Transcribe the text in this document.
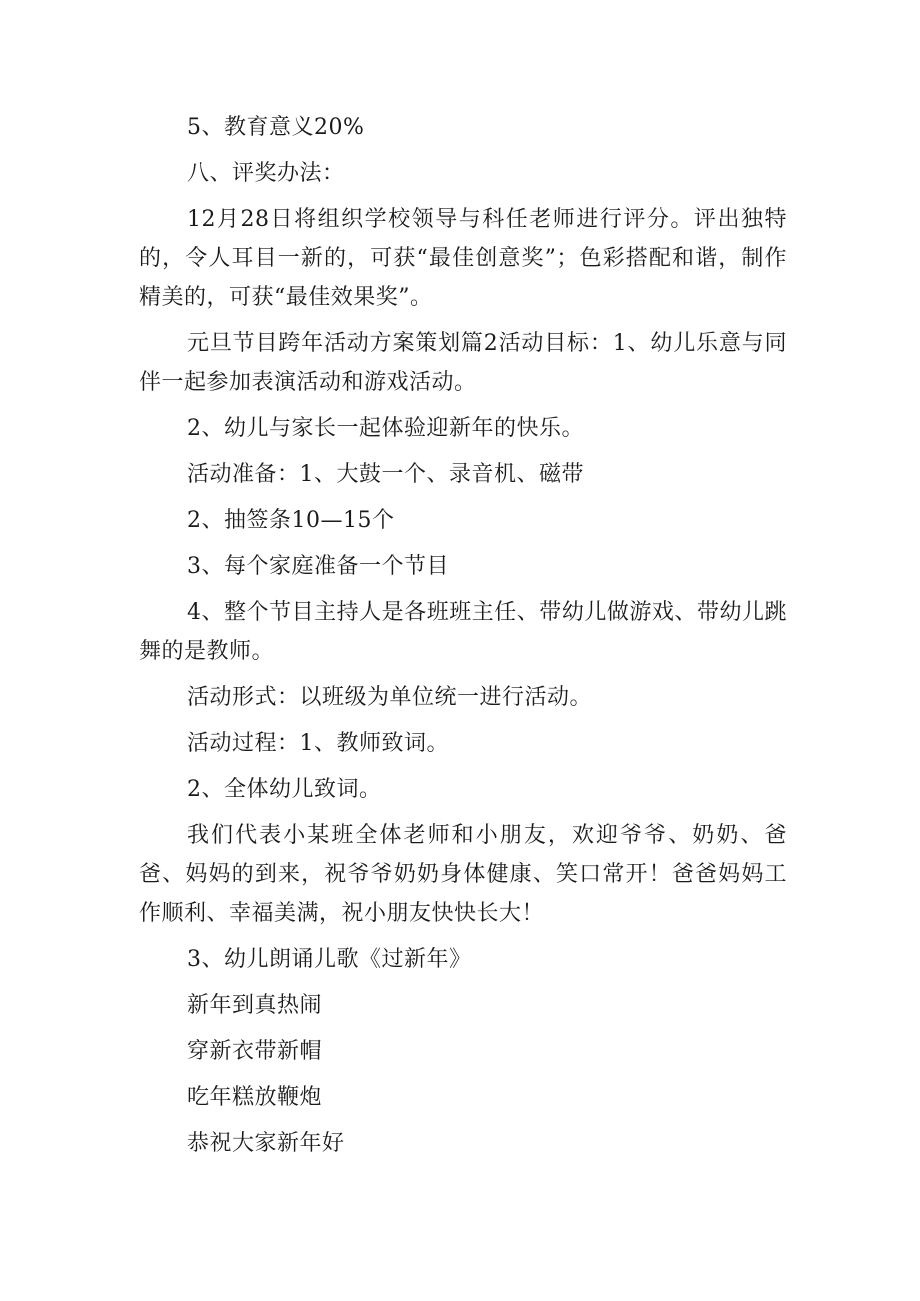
5、教育意义20%

八、评奖办法：

12月28日将组织学校领导与科任老师进行评分。评出独特的，令人耳目一新的，可获“最佳创意奖”；色彩搭配和谐，制作精美的，可获“最佳效果奖”。

元旦节目跨年活动方案策划篇2活动目标：1、幼儿乐意与同伴一起参加表演活动和游戏活动。

2、幼儿与家长一起体验迎新年的快乐。

活动准备：1、大鼓一个、录音机、磁带

2、抽签条10—15个

3、每个家庭准备一个节目

4、整个节目主持人是各班班主任、带幼儿做游戏、带幼儿跳舞的是教师。

活动形式：以班级为单位统一进行活动。

活动过程：1、教师致词。

2、全体幼儿致词。

我们代表小某班全体老师和小朋友，欢迎爷爷、奶奶、爸爸、妈妈的到来，祝爷爷奶奶身体健康、笑口常开！爸爸妈妈工作顺利、幸福美满，祝小朋友快快长大！

3、幼儿朗诵儿歌《过新年》

新年到真热闹

穿新衣带新帽

吃年糕放鞭炮

恭祝大家新年好
